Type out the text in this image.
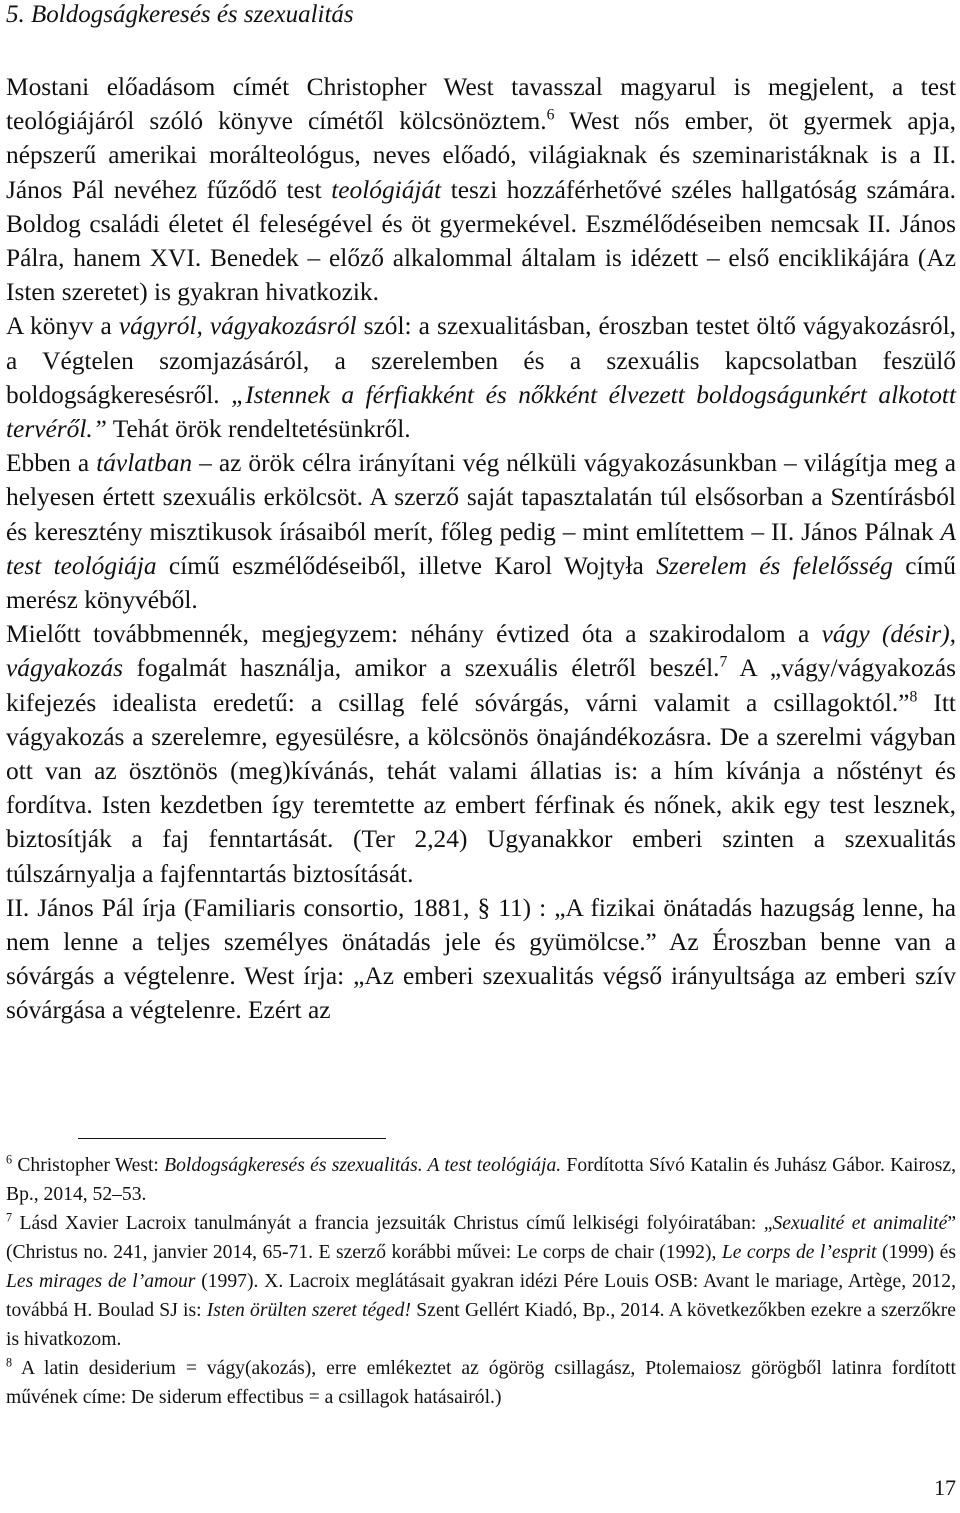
5. Boldogságkeresés és szexualitás

Mostani előadásom címét Christopher West tavasszal magyarul is megjelent, a test teológiájáról szóló könyve címétől kölcsönöztem.$^6$ West nős ember, öt gyermek apja, népszerű amerikai morálteológus, neves előadó, világiaknak és szeminaristáknak is a II. János Pál nevéhez fűződő test teológiáját teszi hozzáférhetővé széles hallgatóság számára. Boldog családi életet él feleségével és öt gyermekével. Eszmélődéseiben nemcsak II. János Pálra, hanem XVI. Benedek – előző alkalommal általam is idézett – első enciklikájára (Az Isten szeretet) is gyakran hivatkozik.

A könyv a vágyról, vágyakozásról szól: a szexualitásban, éroszban testet öltő vágyakozásról, a Végtelen szomjazásáról, a szerelemben és a szexuális kapcsolatban feszülő boldogságkeresésről. „Istennek a férfiakként és nőkként élvezett boldogságunkért alkotott tervéről.” Tehát örök rendeltetésünkről.

Ebben a távlatban – az örök célra irányítani vég nélküli vágyakozásunkban – világítja meg a helyesen értett szexuális erkölcsöt. A szerző saját tapasztalatán túl elsősorban a Szentírásból és keresztény misztikusok írásaiból merít, főleg pedig – mint említettem – II. János Pálnak A test teológiája című eszmélődéseiből, illetve Karol Wojtyła Szerelem és felelősség című merész könyvéből.

Mielőtt továbbmennék, megjegyzem: néhány évtized óta a szakirodalom a vágy (désir), vágyakozás fogalmát használja, amikor a szexuális életről beszél.$^7$ A „vágy/vágyakozás kifejezés idealista eredetű: a csillag felé sóvárgás, várni valamit a csillagoktól.”$^8$ Itt vágyakozás a szerelemre, egyesülésre, a kölcsönös önajándékozásra. De a szerelmi vágyban ott van az ösztönös (meg)kívánás, tehát valami állatias is: a hím kívánja a nőstényt és fordítva. Isten kezdetben így teremtette az embert férfinak és nőnek, akik egy test lesznek, biztosítják a faj fenntartását. (Ter 2,24) Ugyanakkor emberi szinten a szexualitás túlszárnyalja a fajfenntartás biztosítását.

II. János Pál írja (Familiaris consortio, 1881, § 11) : „A fizikai önátadás hazugság lenne, ha nem lenne a teljes személyes önátadás jele és gyümölcse.” Az Éroszban benne van a sóvárgás a végtelenre. West írja: „Az emberi szexualitás végső irányultsága az emberi szív sóvárgása a végtelenre. Ezért az

$^6$ Christopher West: Boldogságkeresés és szexualitás. A test teológiája. Fordította Sívó Katalin és Juhász Gábor. Kairosz, Bp., 2014, 52–53.

$^7$ Lásd Xavier Lacroix tanulmányát a francia jezsuiták Christus című lelkiségi folyóiratában: „Sexualité et animalité” (Christus no. 241, janvier 2014, 65-71. E szerző korábbi művei: Le corps de chair (1992), Le corps de l’esprit (1999) és Les mirages de l’amour (1997). X. Lacroix meglátásait gyakran idézi Pére Louis OSB: Avant le mariage, Artège, 2012, továbbá H. Boulad SJ is: Isten örülten szeret téged! Szent Gellért Kiadó, Bp., 2014. A következőkben ezekre a szerzőkre is hivatkozom.

$^8$ A latin desiderium = vágy(akozás), erre emlékeztet az ógörög csillagász, Ptolemaiosz görögből latinra fordított művének címe: De siderum effectibus = a csillagok hatásairól.)

17
